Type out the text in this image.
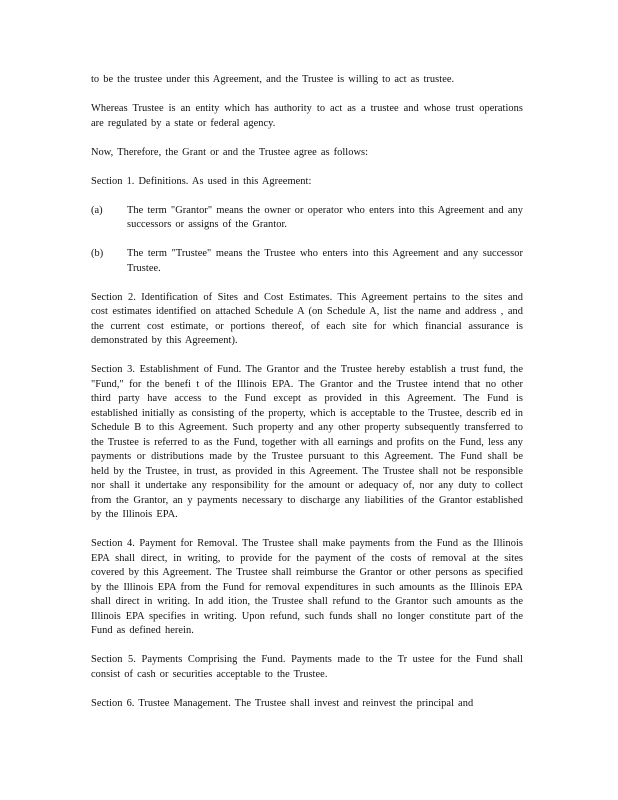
to be the trustee under this Agreement, and the Trustee is willing to act as trustee.

Whereas Trustee is an entity which has authority to act as a trustee and whose trust operations are regulated by a state or federal agency.

Now, Therefore, the Grant or and the Trustee agree as follows:

Section 1. Definitions. As used in this Agreement:

(a)	The term "Grantor" means the owner or operator who enters into this Agreement and any successors or assigns of the Grantor.
(b)	The term "Trustee" means the Trustee who enters into this Agreement and any successor Trustee.

Section 2. Identification of Sites and Cost Estimates. This Agreement pertains to the sites and cost estimates identified on attached Schedule A (on Schedule A, list the name and address , and the current cost estimate, or portions thereof, of each site for which financial assurance is demonstrated by this Agreement).

Section 3. Establishment of Fund. The Grantor and the Trustee hereby establish a trust fund, the "Fund," for the benefi t of the Illinois EPA. The Grantor and the Trustee intend that no other third party have access to the Fund except as provided in this Agreement. The Fund is established initially as consisting of the property, which is acceptable to the Trustee, describ ed in Schedule B to this Agreement. Such property and any other property subsequently transferred to the Trustee is referred to as the Fund, together with all earnings and profits on the Fund, less any payments or distributions made by the Trustee pursuant to this Agreement. The Fund shall be held by the Trustee, in trust, as provided in this Agreement. The Trustee shall not be responsible nor shall it undertake any responsibility for the amount or adequacy of, nor any duty to collect from the Grantor, an y payments necessary to discharge any liabilities of the Grantor established by the Illinois EPA.

Section 4. Payment for Removal. The Trustee shall make payments from the Fund as the Illinois EPA shall direct, in writing, to provide for the payment of the costs of removal at the sites covered by this Agreement. The Trustee shall reimburse the Grantor or other persons as specified by the Illinois EPA from the Fund for removal expenditures in such amounts as the Illinois EPA shall direct in writing. In add ition, the Trustee shall refund to the Grantor such amounts as the Illinois EPA specifies in writing. Upon refund, such funds shall no longer constitute part of the Fund as defined herein.

Section 5. Payments Comprising the Fund. Payments made to the Tr ustee for the Fund shall consist of cash or securities acceptable to the Trustee.

Section 6. Trustee Management. The Trustee shall invest and reinvest the principal and
